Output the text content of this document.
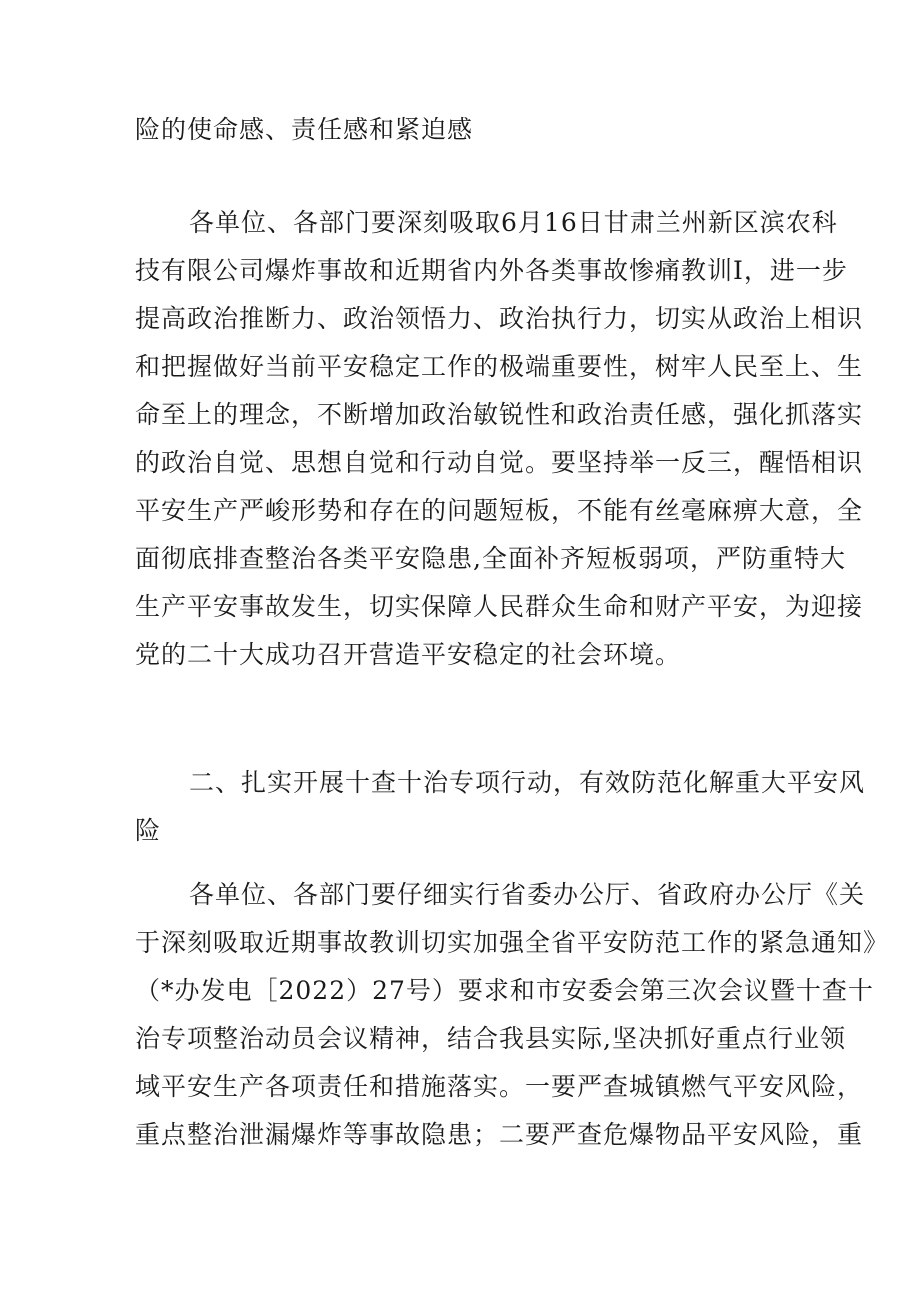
险的使命感、责任感和紧迫感
各单位、各部门要深刻吸取6月16日甘肃兰州新区滨农科
技有限公司爆炸事故和近期省内外各类事故惨痛教训I，进一步
提高政治推断力、政治领悟力、政治执行力，切实从政治上相识
和把握做好当前平安稳定工作的极端重要性，树牢人民至上、生
命至上的理念，不断增加政治敏锐性和政治责任感，强化抓落实
的政治自觉、思想自觉和行动自觉。要坚持举一反三，醒悟相识
平安生产严峻形势和存在的问题短板，不能有丝毫麻痹大意，全
面彻底排查整治各类平安隐患,全面补齐短板弱项，严防重特大
生产平安事故发生，切实保障人民群众生命和财产平安，为迎接
党的二十大成功召开营造平安稳定的社会环境。
二、扎实开展十查十治专项行动，有效防范化解重大平安风
险
各单位、各部门要仔细实行省委办公厅、省政府办公厅《关
于深刻吸取近期事故教训切实加强全省平安防范工作的紧急通知》
（*办发电［2022）27号）要求和市安委会第三次会议暨十查十
治专项整治动员会议精神，结合我县实际,坚决抓好重点行业领
域平安生产各项责任和措施落实。一要严查城镇燃气平安风险，
重点整治泄漏爆炸等事故隐患；二要严查危爆物品平安风险，重
